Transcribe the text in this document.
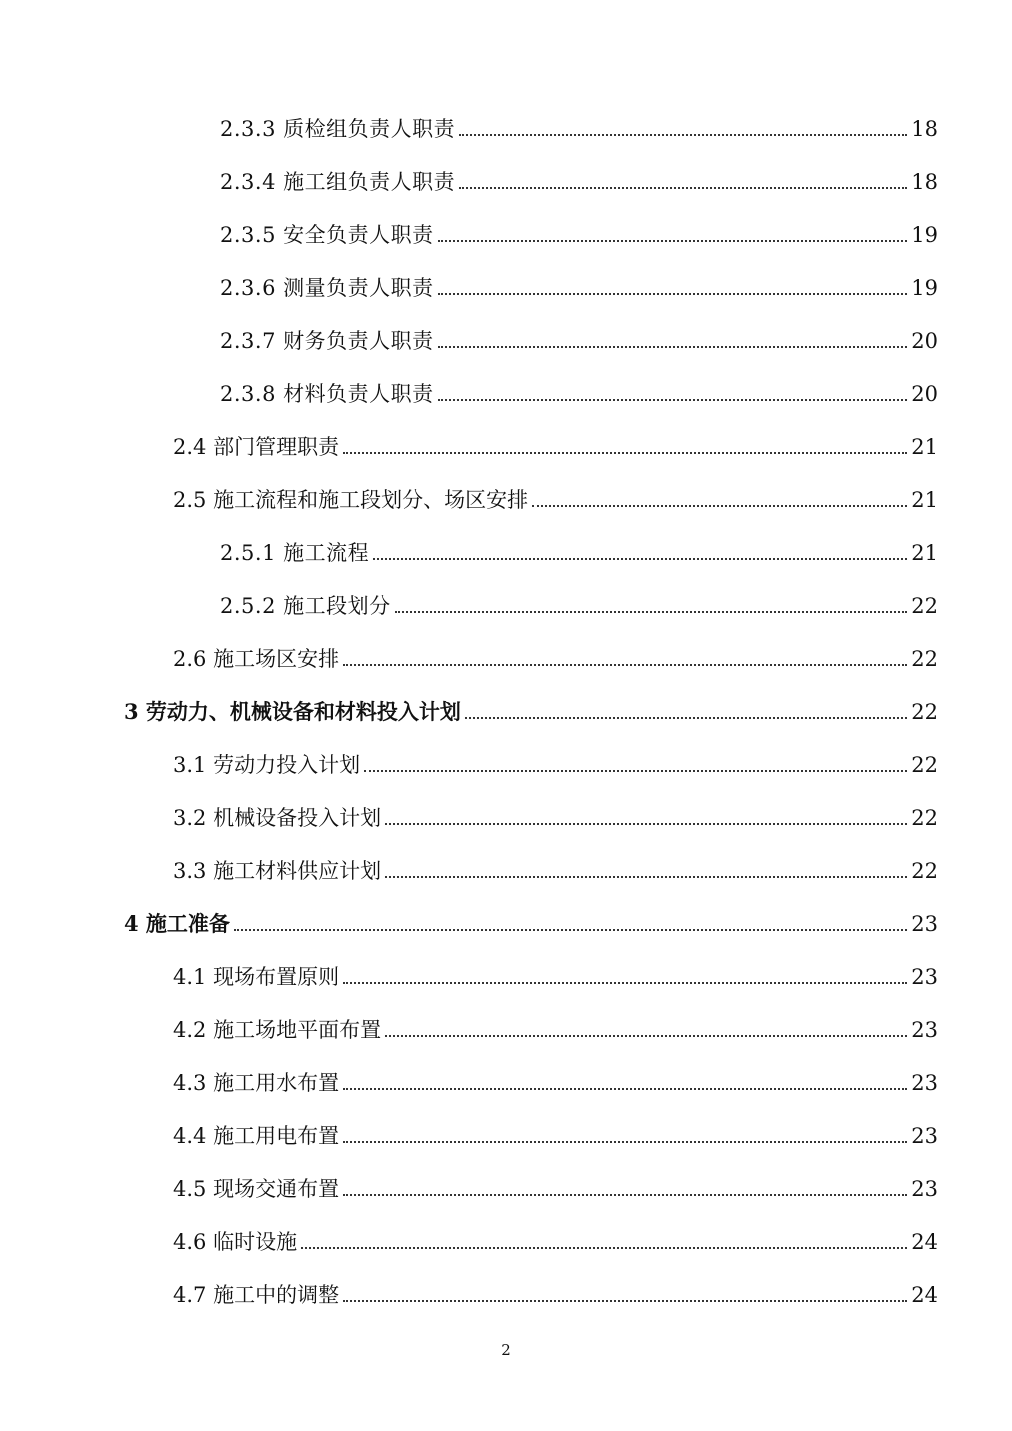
2.3.3 质检组负责人职责	18
2.3.4 施工组负责人职责	18
2.3.5 安全负责人职责	19
2.3.6 测量负责人职责	19
2.3.7 财务负责人职责	20
2.3.8 材料负责人职责	20
2.4 部门管理职责	21
2.5 施工流程和施工段划分、场区安排	21
2.5.1 施工流程	21
2.5.2 施工段划分	22
2.6 施工场区安排	22
3 劳动力、机械设备和材料投入计划	22
3.1 劳动力投入计划	22
3.2 机械设备投入计划	22
3.3 施工材料供应计划	22
4 施工准备	23
4.1 现场布置原则	23
4.2 施工场地平面布置	23
4.3 施工用水布置	23
4.4 施工用电布置	23
4.5 现场交通布置	23
4.6 临时设施	24
4.7 施工中的调整	24
2
